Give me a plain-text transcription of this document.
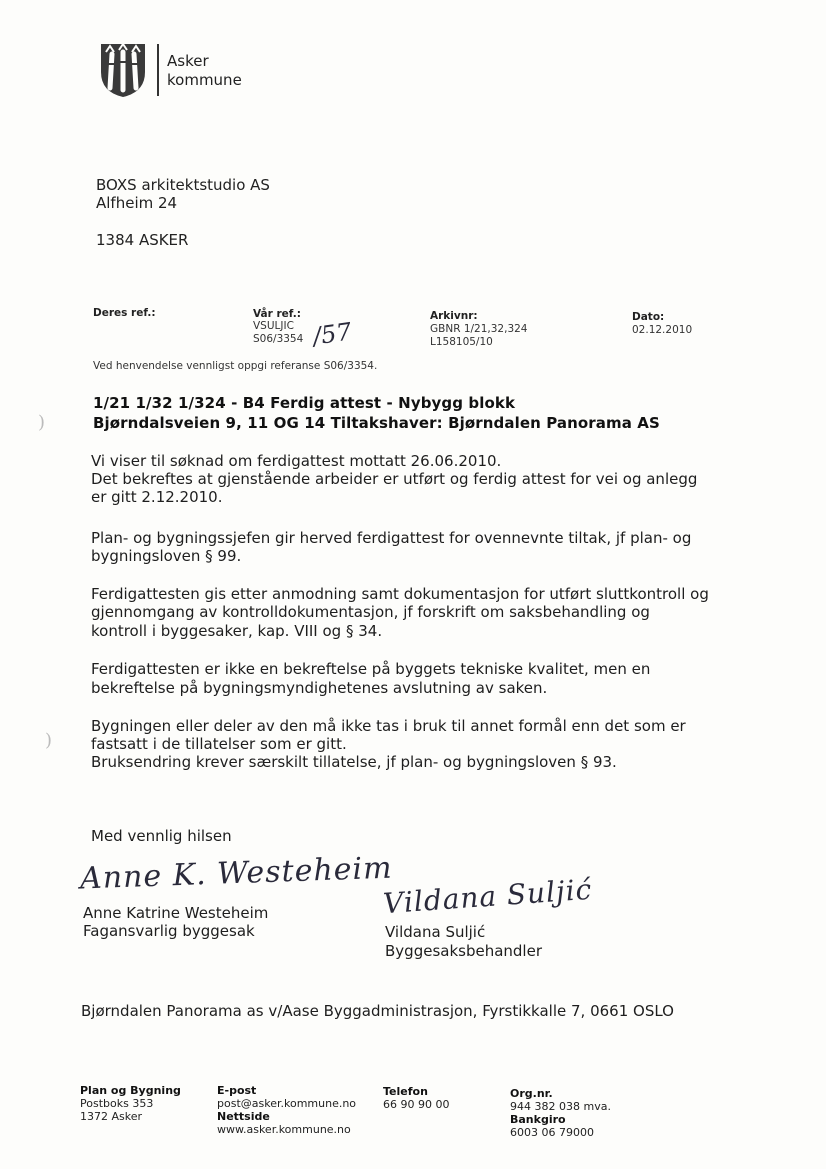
Asker
kommune
BOXS arkitektstudio AS
Alfheim 24
1384 ASKER
Deres ref.:	Vår ref.:
VSULJIC
S06/3354 /57
Arkivnr:
GBNR 1/21,32,324
L158105/10
Dato:
02.12.2010
Ved henvendelse vennligst oppgi referanse S06/3354.
1/21 1/32 1/324 - B4 Ferdig attest - Nybygg blokk
Bjørndalsveien 9, 11 OG 14 Tiltakshaver: Bjørndalen Panorama AS
Vi viser til søknad om ferdigattest mottatt 26.06.2010.
Det bekreftes at gjenstående arbeider er utført og ferdig attest for vei og anlegg
er gitt 2.12.2010.
Plan- og bygningssjefen gir herved ferdigattest for ovennevnte tiltak, jf plan- og
bygningsloven § 99.
Ferdigattesten gis etter anmodning samt dokumentasjon for utført sluttkontroll og
gjennomgang av kontrolldokumentasjon, jf forskrift om saksbehandling og
kontroll i byggesaker, kap. VIII og § 34.
Ferdigattesten er ikke en bekreftelse på byggets tekniske kvalitet, men en
bekreftelse på bygningsmyndighetenes avslutning av saken.
Bygningen eller deler av den må ikke tas i bruk til annet formål enn det som er
fastsatt i de tillatelser som er gitt.
Bruksendring krever særskilt tillatelse, jf plan- og bygningsloven § 93.
Med vennlig hilsen
Anne K. Westeheim
Anne Katrine Westeheim
Fagansvarlig byggesak
Vildana Suljić
Vildana Suljić
Byggesaksbehandler
Bjørndalen Panorama as v/Aase Byggadministrasjon, Fyrstikkalle 7, 0661 OSLO
Plan og Bygning
Postboks 353
1372 Asker
E-post
post@asker.kommune.no
Nettside
www.asker.kommune.no
Telefon
66 90 90 00
Org.nr.
944 382 038 mva.
Bankgiro
6003 06 79000
)
)
